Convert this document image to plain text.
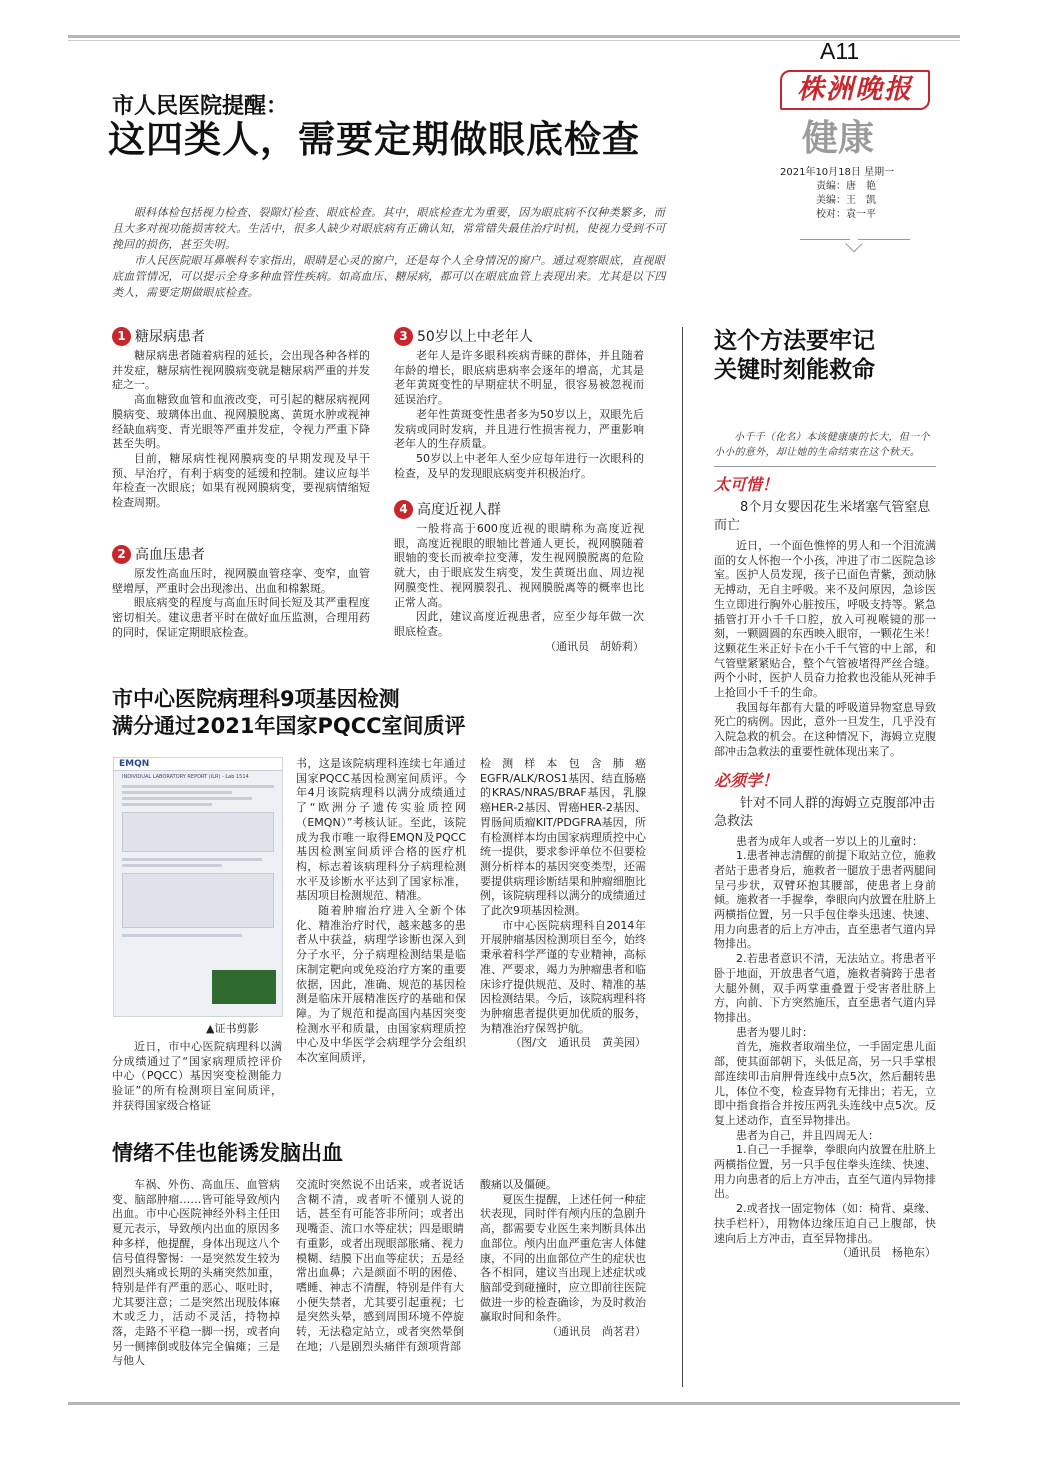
A11
株洲晚报
健康
2021年10月18日 星期一
责编：唐　艳
美编：王　凯
校对：袁一平
市人民医院提醒：
这四类人，需要定期做眼底检查

眼科体检包括视力检查、裂隙灯检查、眼底检查。其中，眼底检查尤为重要，因为眼底病不仅种类繁多，而且大多对视功能损害较大。生活中，很多人缺少对眼底病有正确认知，常常错失最佳治疗时机，使视力受到不可挽回的损伤，甚至失明。

市人民医院眼耳鼻喉科专家指出，眼睛是心灵的窗户，还是每个人全身情况的窗户。通过观察眼底，直视眼底血管情况，可以提示全身多种血管性疾病。如高血压、糖尿病，都可以在眼底血管上表现出来。尤其是以下四类人，需要定期做眼底检查。

1 糖尿病患者

糖尿病患者随着病程的延长，会出现各种各样的并发症，糖尿病性视网膜病变就是糖尿病严重的并发症之一。

高血糖致血管和血液改变，可引起的糖尿病视网膜病变、玻璃体出血、视网膜脱离、黄斑水肿或视神经缺血病变、青光眼等严重并发症，令视力严重下降甚至失明。

目前，糖尿病性视网膜病变的早期发现及早干预、早治疗，有利于病变的延缓和控制。建议应每半年检查一次眼底；如果有视网膜病变，要视病情缩短检查周期。

2 高血压患者

原发性高血压时，视网膜血管痉挛、变窄，血管壁增厚，严重时会出现渗出、出血和棉絮斑。

眼底病变的程度与高血压时间长短及其严重程度密切相关。建议患者平时在做好血压监测，合理用药的同时，保证定期眼底检查。

3 50岁以上中老年人

老年人是许多眼科疾病青睐的群体，并且随着年龄的增长，眼底病患病率会逐年的增高，尤其是老年黄斑变性的早期症状不明显，很容易被忽视而延误治疗。

老年性黄斑变性患者多为50岁以上，双眼先后发病或同时发病，并且进行性损害视力，严重影响老年人的生存质量。

50岁以上中老年人至少应每年进行一次眼科的检查，及早的发现眼底病变并积极治疗。

4 高度近视人群

一般将高于600度近视的眼睛称为高度近视眼，高度近视眼的眼轴比普通人更长，视网膜随着眼轴的变长而被牵拉变薄，发生视网膜脱离的危险就大，由于眼底发生病变，发生黄斑出血、周边视网膜变性、视网膜裂孔、视网膜脱离等的概率也比正常人高。

因此，建议高度近视患者，应至少每年做一次眼底检查。

（通讯员　胡娇莉）

市中心医院病理科9项基因检测
满分通过2021年国家PQCC室间质评
EMQN
INDIVIDUAL LABORATORY REPORT (ILR) - Lab 1514
▲证书剪影

近日，市中心医院病理科以满分成绩通过了“国家病理质控评价中心（PQCC）基因突变检测能力验证”的所有检测项目室间质评，并获得国家级合格证

书，这是该院病理科连续七年通过国家PQCC基因检测室间质评。今年4月该院病理科以满分成绩通过了“欧洲分子遗传实验质控网（EMQN）”考核认证。至此，该院成为我市唯一取得EMQN及PQCC基因检测室间质评合格的医疗机构，标志着该病理科分子病理检测水平及诊断水平达到了国家标准，基因项目检测规范、精准。

随着肿瘤治疗进入全新个体化、精准治疗时代，越来越多的患者从中获益，病理学诊断也深入到分子水平，分子病理检测结果是临床制定靶向或免疫治疗方案的重要依据，因此，准确、规范的基因检测是临床开展精准医疗的基础和保障。为了规范和提高国内基因突变检测水平和质量，由国家病理质控中心及中华医学会病理学分会组织本次室间质评，

检测样本包含肺癌EGFR/ALK/ROS1基因、结直肠癌的KRAS/NRAS/BRAF基因，乳腺癌HER-2基因、胃癌HER-2基因、胃肠间质瘤KIT/PDGFRA基因，所有检测样本均由国家病理质控中心统一提供，要求参评单位不但要检测分析样本的基因突变类型，还需要提供病理诊断结果和肿瘤细胞比例，该院病理科以满分的成绩通过了此次9项基因检测。

市中心医院病理科自2014年开展肿瘤基因检测项目至今，始终秉承着科学严谨的专业精神，高标准、严要求，竭力为肿瘤患者和临床诊疗提供规范、及时、精准的基因检测结果。今后，该院病理科将为肿瘤患者提供更加优质的服务，为精准治疗保驾护航。

（图/文　通讯员　黄美园）

情绪不佳也能诱发脑出血

车祸、外伤、高血压、血管病变、脑部肿瘤……皆可能导致颅内出血。市中心医院神经外科主任田夏元表示，导致颅内出血的原因多种多样，他提醒，身体出现这八个信号值得警惕：一是突然发生较为剧烈头痛或长期的头痛突然加重，特别是伴有严重的恶心、呕吐时，尤其要注意；二是突然出现肢体麻木或乏力，活动不灵活，持物掉落，走路不平稳一脚一拐，或者向另一侧摔倒或肢体完全偏瘫；三是与他人

交流时突然说不出话来，或者说话含糊不清，或者听不懂别人说的话，甚至有可能答非所问；或者出现嘴歪、流口水等症状；四是眼睛有重影，或者出现眼部胀痛、视力模糊、结膜下出血等症状；五是经常出血鼻；六是颜面不明的困倦、嗜睡、神志不清醒，特别是伴有大小便失禁者，尤其要引起重视；七是突然头晕，感到周围环境不停旋转，无法稳定站立，或者突然晕倒在地；八是剧烈头痛伴有颈项背部

酸痛以及僵硬。

夏医生提醒，上述任何一种症状表现，同时伴有颅内压的急剧升高，都需要专业医生来判断具体出血部位。颅内出血严重危害人体健康，不同的出血部位产生的症状也各不相同，建议当出现上述症状或脑部受到碰撞时，应立即前往医院做进一步的检查确诊，为及时救治赢取时间和条件。

（通讯员　尚茗君）

这个方法要牢记
关键时刻能救命

小千千（化名）本该健康康的长大，但一个小小的意外，却让她的生命结束在这个秋天。

太可惜！
8个月女婴因花生米堵塞气管窒息而亡

近日，一个面色憔悴的男人和一个泪流满面的女人怀抱一个小孩，冲进了市二医院急诊室。医护人员发现，孩子已面色青紫，颈动脉无搏动，无自主呼吸。来不及问原因，急诊医生立即进行胸外心脏按压，呼吸支持等。紧急插管打开小千千口腔，放入可视喉镜的那一刻，一颗圆圆的东西映入眼帘，一颗花生米！这颗花生米正好卡在小千千气管的中上部，和气管壁紧紧贴合，整个气管被堵得严丝合缝。两个小时，医护人员奋力抢救也没能从死神手上抢回小千千的生命。

我国每年都有大量的呼吸道异物窒息导致死亡的病例。因此，意外一旦发生，几乎没有入院急救的机会。在这种情况下，海姆立克腹部冲击急救法的重要性就体现出来了。

必须学！
针对不同人群的海姆立克腹部冲击急救法

患者为成年人或者一岁以上的儿童时：

1.患者神志清醒的前提下取站立位，施救者站于患者身后，施救者一腿放于患者两腿间呈弓步状，双臂环抱其腰部，使患者上身前倾。施救者一手握拳，拳眼向内放置在肚脐上两横指位置，另一只手包住拳头迅速、快速、用力向患者的后上方冲击，直至患者气道内异物排出。

2.若患者意识不清，无法站立。将患者平卧于地面，开放患者气道，施救者骑跨于患者大腿外侧，双手两掌重叠置于受害者肚脐上方，向前、下方突然施压，直至患者气道内异物排出。

患者为婴儿时：

首先，施救者取端坐位，一手固定患儿面部，使其面部朝下，头低足高，另一只手掌根部连续叩击肩胛骨连线中点5次，然后翻转患儿，体位不变，检查异物有无排出；若无，立即中指食指合并按压两乳头连线中点5次。反复上述动作，直至异物排出。

患者为自己，并且四周无人：

1.自己一手握拳，拳眼向内放置在肚脐上两横指位置，另一只手包住拳头连续、快速、用力向患者的后上方冲击，直至气道内异物排出。

2.或者找一固定物体（如：椅背、桌缘、扶手栏杆），用物体边缘压迫自己上腹部，快速向后上方冲击，直至异物排出。

（通讯员　杨艳东）
